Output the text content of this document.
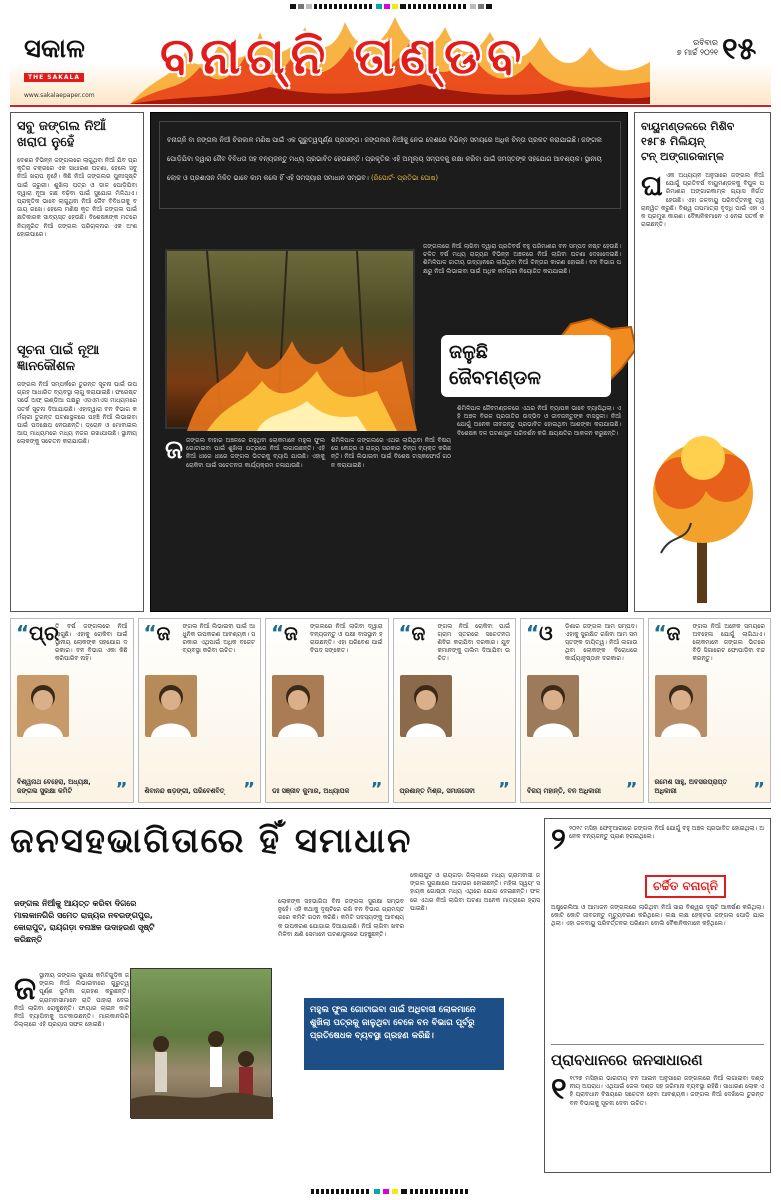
ସକାଳ
THE SAKALA	ବନାଗ୍ନି ତାଣ୍ଡବ	ରବିବାର
୭ ମାର୍ଚ୍ଚ ୨୦୨୧ ୧୫
www.sakalaepaper.com
ସବୁ ଜଙ୍ଗଲ ନିଆଁ
ଖରାପ ନୁହେଁ
ଦେଶର ବିଭିନ୍ନ ଜଙ୍ଗଲରେ ଲାଗୁଥିବା ନିଆଁ ଯିବ ପ୍ରକୃତିର ଚକ୍ରରେ ଏକ ସାଧାରଣ ଘଟଣା, ହେଲେ ସବୁ ନିଆଁ ଖରାପ ନୁହେଁ। କିଛି ନିଆଁ ଜଙ୍ଗଲର ପୁନଃସୃଷ୍ଟି ପାଇଁ ଜରୁରୀ। ଶୁଖିଲା ପତ୍ର ଓ ଡାଳ ପୋଡ଼ିଯିବା ଦ୍ୱାରା ନୂଆ ଗଛ ବଢ଼ିବା ପାଇଁ ସୁଯୋଗ ମିଳିଥାଏ। ପ୍ରାକୃତିକ ଭାବେ ଲାଗୁଥିବା ନିଆଁ ଜୈବ ବିବିଧତାକୁ ବଜାୟ ରଖେ। ହେଲେ ମଣିଷ କୃତ ନିଆଁ ଜଙ୍ଗଲ ପାଇଁ କ୍ଷତିକାରକ ସାବ୍ୟସ୍ତ ହେଉଛି। ବିଶେଷଜ୍ଞଙ୍କ ମତରେ ନିୟନ୍ତ୍ରିତ ନିଆଁ ଜଙ୍ଗଲ ପରିଚାଳନାର ଏକ ଅଂଶ ହୋଇପାରେ।
ସୂଚନା ପାଇଁ ନୂଆ
ଜ୍ଞାନକୌଶଳ
ଜଙ୍ଗଲ ନିଆଁ ସମ୍ପର୍କରେ ତୁରନ୍ତ ସୂଚନା ପାଇଁ ଉପଗ୍ରହ ଆଧାରିତ ବ୍ୟବସ୍ଥା ଲାଗୁ କରାଯାଇଛି। ଫରେଷ୍ଟ ସର୍ଭେ ଅଫ୍ ଇଣ୍ଡିଆ ପକ୍ଷରୁ ଏସଏମଏସ ମାଧ୍ୟମରେ ସତର୍କ ସୂଚନା ଦିଆଯାଉଛି। ଏହାଦ୍ୱାରା ବନ ବିଭାଗ କର୍ମଚାରୀ ତୁରନ୍ତ ଘଟଣାସ୍ଥଳରେ ପହଞ୍ଚି ନିଆଁ ଲିଭାଇବା ପାଇଁ ପଦକ୍ଷେପ ନେଉଛନ୍ତି। ଡ୍ରୋନ ଓ ମୋବାଇଲ ଆପ୍ ମାଧ୍ୟମରେ ମଧ୍ୟ ନଜର ରଖାଯାଉଛି। ସ୍ଥାନୀୟ ଲୋକଙ୍କୁ ସଚେତନ କରାଯାଉଛି।
ବନାଗ୍ନି ବା ଜଙ୍ଗଲ ନିଆଁ ଚିରକାଳ ମଣିଷ ପାଇଁ ଏକ ଗୁରୁତ୍ୱପୂର୍ଣ୍ଣ ପ୍ରସଙ୍ଗ। ଜଙ୍ଗଲର ନିଆଁକୁ ନେଇ ଦେଶରେ ବିଭିନ୍ନ ସମୟରେ ଅଧିକ ଚିନ୍ତା ପ୍ରକଟ କରାଯାଇଛି। ଜଙ୍ଗଲ ପୋଡ଼ିଯିବା ଦ୍ୱାରା ଜୈବ ବିବିଧତା ସହ ବନ୍ୟଜନ୍ତୁ ମଧ୍ୟ ପ୍ରଭାବିତ ହେଉଛନ୍ତି। ପ୍ରକୃତିର ଏହି ଅମୂଲ୍ୟ ସମ୍ପଦକୁ ରକ୍ଷା କରିବା ପାଇଁ ସମସ୍ତଙ୍କ ସହଯୋଗ ଆବଶ୍ୟକ। ସ୍ଥାନୀୟ ଲୋକ ଓ ପ୍ରଶାସନ ମିଳିତ ଭାବେ କାମ କଲେ ହିଁ ଏହି ସମସ୍ୟାର ସମାଧାନ ସମ୍ଭବ। (ରିପୋର୍ଟ- ପ୍ରତିଭା ଘୋଷ)
ଜଙ୍ଗଲରେ ନିଆଁ ଲାଗିବା ଦ୍ୱାରା ପ୍ରତିବର୍ଷ ବହୁ ପରିମାଣର ବନ ସମ୍ପଦ ନଷ୍ଟ ହେଉଛି। ଚଳିତ ବର୍ଷ ମଧ୍ୟ ରାଜ୍ୟର ବିଭିନ୍ନ ଅଞ୍ଚଳରେ ନିଆଁ ଲାଗିବା ଘଟଣା ଦେଖାଦେଇଛି। ଶିମିଳିପାଳ ଜାତୀୟ ଉଦ୍ୟାନରେ ଲାଗିଥିବା ନିଆଁ ଚିନ୍ତାର କାରଣ ହୋଇଛି। ବନ ବିଭାଗ ପକ୍ଷରୁ ନିଆଁ ଲିଭାଇବା ପାଇଁ ଅଧିକ କର୍ମଚାରୀ ନିୟୋଜିତ କରାଯାଇଛି।
ଜଳୁଛି
ଜୈବମଣ୍ଡଳ
ଜ ଜଙ୍ଗଲ ବାହାର ଅଞ୍ଚଳରେ ରହୁଥିବା ଲୋକମାନେ ମହୁଲ ଫୁଲ ଗୋଟାଇବା ପାଇଁ ଶୁଖିଲା ପତ୍ରରେ ନିଆଁ ଲଗାଉଛନ୍ତି। ଏହି ନିଆଁ ଧୀରେ ଧୀରେ ଜଙ୍ଗଲ ଭିତରକୁ ବ୍ୟାପି ଯାଉଛି। ଏହାକୁ ରୋକିବା ପାଇଁ ସଚେତନତା କାର୍ଯ୍ୟକ୍ରମ ଚଳାଯାଉଛି।
ଶିମିଳିପାଳ ଜଙ୍ଗଲରେ ଏଥର ଲାଗିଥିବା ନିଆଁ ବିଷୟରେ କେନ୍ଦ୍ର ଓ ରାଜ୍ୟ ସରକାର ଚିନ୍ତା ବ୍ୟକ୍ତ କରିଛନ୍ତି। ନିଆଁ ଲିଭାଇବା ପାଇଁ ବିଶେଷ ଟାସ୍କଫୋର୍ସ ଗଠନ କରାଯାଇଛି।
ଶିମିଳିପାଳ ଜୈବମଣ୍ଡଳରେ ଏଥର ନିଆଁ ବ୍ୟାପକ ଭାବେ ବ୍ୟାପିଥିଲା। ଏହି ଅଞ୍ଚଳ ବିରଳ ପ୍ରଜାତିର ଉଦ୍ଭିଦ ଓ ଜୀବଜନ୍ତୁଙ୍କ ବାସସ୍ଥଳୀ। ନିଆଁ ଯୋଗୁଁ ଅନେକ ଜୀବଜନ୍ତୁ ପ୍ରଭାବିତ ହୋଇଥିବା ଆଶଙ୍କା କରାଯାଉଛି। ବିଶେଷଜ୍ଞ ଦଳ ଘଟଣାସ୍ଥଳ ପରିଦର୍ଶନ କରି କ୍ଷୟକ୍ଷତିର ଆକଳନ କରୁଛନ୍ତି।
ବାୟୁମଣ୍ଡଳରେ ମିଶିବ
୧୫୮୫ ମିଲିୟନ୍
ଟନ୍ ଅଙ୍ଗାରକାମ୍ଳ
ଘ ଏକ ଅଧ୍ୟୟନ ଅନୁସାରେ ଜଙ୍ଗଲ ନିଆଁ ଯୋଗୁଁ ପ୍ରତିବର୍ଷ ବାୟୁମଣ୍ଡଳକୁ ବିପୁଳ ପରିମାଣର ଅଙ୍ଗାରକାମ୍ଳ ଗ୍ୟାସ ନିର୍ଗତ ହେଉଛି। ଏହା ଜଳବାୟୁ ପରିବର୍ତ୍ତନକୁ ତ୍ୱରାନ୍ୱିତ କରୁଛି। ବିଶ୍ୱ ତାପମାତ୍ରା ବୃଦ୍ଧି ପାଇଁ ଏହା ଏକ ପ୍ରମୁଖ କାରଣ। ବୈଜ୍ଞାନିକମାନେ ଏ ନେଇ ସତର୍କ କରାଇଛନ୍ତି।
“ ପ୍ର
ତି ବର୍ଷ ଜଙ୍ଗଲରେ ନିଆଁ ଲାଗୁଛି। ଏହାକୁ ରୋକିବା ପାଇଁ ସ୍ଥାନୀୟ ଲୋକଙ୍କ ସହଯୋଗ ଦରକାର। ବନ ବିଭାଗ ଏକା କିଛି କରିପାରିବ ନାହିଁ।
ବିଶ୍ୱନାଥ ବେହେରା, ଅଧ୍ୟକ୍ଷ, ଜଙ୍ଗଲ ସୁରକ୍ଷା କମିଟି	”
“ ଜ ଙ୍ଗଲ ନିଆଁ ଲିଭାଇବା ପାଇଁ ଆଧୁନିକ ଉପକରଣ ଆବଶ୍ୟକ। ସରକାର ଏଥିପାଇଁ ଅଧିକ ବଜେଟ ବ୍ୟବସ୍ଥା କରିବା ଉଚିତ।
ଶିବାନନ୍ଦ ଷଡ଼ଙ୍ଗୀ, ପରିବେଶବିତ୍	”
“ ଜ ଙ୍ଗଲରେ ନିଆଁ ଲାଗିବା ଦ୍ୱାରା ବନ୍ୟଜନ୍ତୁ ଓ ପକ୍ଷୀ ବାସସ୍ଥାନ ହରାଉଛନ୍ତି। ଏହା ପରିବେଶ ପାଇଁ ବିପଦ ସଙ୍କେତ।
ଡଃ ସଞ୍ଜୀବ କୁମାର, ଅଧ୍ୟାପକ	”
“ ଜ ଙ୍ଗଲ ନିଆଁ ରୋକିବା ପାଇଁ ଗ୍ରାମ ସ୍ତରରେ ସଚେତନତା ଶିବିର କରାଯିବା ଦରକାର। ଯୁବକମାନଙ୍କୁ ତାଲିମ ଦିଆଯିବା ଉଚିତ।
ପ୍ରଶାନ୍ତ ମିଶ୍ର, ସମାଜସେବୀ	”
“ ଓ ଡ଼ିଶାର ଜଙ୍ଗଲ ଆମ ସମ୍ପଦ। ଏହାକୁ ସୁରକ୍ଷିତ ରଖିବା ଆମ ସମସ୍ତଙ୍କ ଦାୟିତ୍ୱ। ନିଆଁ ଲଗାଉଥିବା ଲୋକଙ୍କ ବିରୋଧରେ କାର୍ଯ୍ୟାନୁଷ୍ଠାନ ଦରକାର।
ବିଜୟ ମହାନ୍ତି, ବନ ଅଧିକାରୀ	”
“ ଜ ଙ୍ଗଲ ନିଆଁ ଅନେକ ସମୟରେ ଅବହେଳା ଯୋଗୁଁ ଲାଗିଥାଏ। ଲୋକମାନେ ଜଙ୍ଗଲ ଭିତରେ ବିଡ଼ି ସିଗାରେଟ ଫୋପାଡ଼ିବା ବନ୍ଦ କରନ୍ତୁ।
ରମେଶ ସାହୁ, ଅବସରପ୍ରାପ୍ତ ଅଧିକାରୀ	”
ଜନସହଭାଗିତାରେ ହିଁ ସମାଧାନ
ଜଙ୍ଗଲ ନିଆଁକୁ ଆୟତ୍ତ କରିବା ଦିଗରେ ମାଲକାନଗିରି ସମେତ ରାଜ୍ୟର ନବରଙ୍ଗପୁର, କୋରାପୁଟ, ରାୟଗଡ଼ା ବନାଞ୍ଚଳ ଉଦାହରଣ ସୃଷ୍ଟି କରିଛନ୍ତି
ଜ ସ୍ଥାନୀୟ ଜଙ୍ଗଲ ସୁରକ୍ଷା କମିଟିଗୁଡ଼ିକ ଜଙ୍ଗଲ ନିଆଁ ଲିଭାଇବାରେ ଗୁରୁତ୍ୱପୂର୍ଣ୍ଣ ଭୂମିକା ଗ୍ରହଣ କରୁଛନ୍ତି। ଗ୍ରାମବାସୀମାନେ ରାତି ପାହାରା ଦେଇ ନିଆଁ ଲାଗିବା ରୋକୁଛନ୍ତି। ଫାୟାର ଲାଇନ କାଟି ନିଆଁ ବ୍ୟାପିବାକୁ ଅଟକାଉଛନ୍ତି। ମାଲକାନଗିରି ଜିଲ୍ଲାରେ ଏହି ପ୍ରୟାସ ସଫଳ ହୋଇଛି।
ଲୋକଙ୍କ ସହଭାଗିତା ବିନା ଜଙ୍ଗଲ ସୁରକ୍ଷା ସମ୍ଭବ ନୁହେଁ। ଏହି କଥାକୁ ଦୃଷ୍ଟିରେ ରଖି ବନ ବିଭାଗ ଗ୍ରାମସ୍ତରରେ କମିଟି ଗଠନ କରିଛି। କମିଟି ସଦସ୍ୟଙ୍କୁ ଆବଶ୍ୟକ ଉପକରଣ ଯୋଗାଇ ଦିଆଯାଇଛି। ନିଆଁ ଲାଗିବା ଖବର ମିଳିବା କ୍ଷଣି ସେମାନେ ଘଟଣାସ୍ଥଳରେ ପହଞ୍ଚୁଛନ୍ତି।
କୋରାପୁଟ ଓ ରାୟଗଡ଼ା ଜିଲ୍ଲାରେ ମଧ୍ୟ ଗ୍ରାମବାସୀ ଜଙ୍ଗଲ ସୁରକ୍ଷାରେ ଆଗଭର ହୋଇଛନ୍ତି। ମହିଳା ସ୍ୱୟଂ ସହାୟକ ଗୋଷ୍ଠୀ ମଧ୍ୟ ଏଥିରେ ଯୋଗ ଦେଇଛନ୍ତି। ଫଳରେ ଏଥର ନିଆଁ ଲାଗିବା ଘଟଣା ଅନେକ ମାତ୍ରାରେ ହ୍ରାସ ପାଇଛି।
ମହୁଲ ଫୁଲ ଗୋଟାଇବା ପାଇଁ ଅଧିବାସୀ ଲୋକମାନେ ଶୁଖିଲା ପତ୍ରକୁ ଜାଳୁଥିବା ବେଳେ ବନ ବିଭାଗ ପୂର୍ବରୁ ପ୍ରତିଷେଧକ ବ୍ୟବସ୍ଥା ଗ୍ରହଣ କରିଛି।
୨ ୨୦୧୯ ମସିହା ଫେବୃଆରୀରେ ଜଙ୍ଗଲ ନିଆଁ ଯୋଗୁଁ ବହୁ ଅଞ୍ଚଳ ପ୍ରଭାବିତ ହୋଇଥିଲା। ଅନେକ ବନ୍ୟଜନ୍ତୁ ପ୍ରାଣ ହରାଇଥିଲେ।
ଚର୍ଚ୍ଚିତ ବନାଗ୍ନି
ଅଷ୍ଟ୍ରେଲିଆ ଓ ଆମାଜନ ଜଙ୍ଗଲରେ ଲାଗିଥିବା ନିଆଁ ସାରା ବିଶ୍ୱର ଦୃଷ୍ଟି ଆକର୍ଷଣ କରିଥିଲା। କୋଟି କୋଟି ଜୀବଜନ୍ତୁ ମୃତ୍ୟୁବରଣ କରିଥିଲେ। ଲକ୍ଷ ଲକ୍ଷ ହେକ୍ଟର ଜଙ୍ଗଲ ପୋଡ଼ି ଯାଇଥିଲା। ଏହା ଜଳବାୟୁ ପରିବର୍ତ୍ତନର ପରିଣାମ ବୋଲି ବୈଜ୍ଞାନିକମାନେ କହିଥିଲେ।
ପ୍ରାବଧାନରେ ଜନସାଧାରଣ
୧ ୧୯୨୭ ମସିହାର ଭାରତୀୟ ବନ ଆଇନ ଅନୁସାରେ ଜଙ୍ଗଲରେ ନିଆଁ ଲଗାଇବା ଦଣ୍ଡନୀୟ ଅପରାଧ। ଏଥିପାଇଁ ଜେଲ ଦଣ୍ଡ ସହ ଜରିମାନା ବ୍ୟବସ୍ଥା ରହିଛି। ସାଧାରଣ ଲୋକ ଏହି ପ୍ରାବଧାନ ବିଷୟରେ ସଚେତନ ହେବା ଆବଶ୍ୟକ। ଜଙ୍ଗଲ ନିଆଁ ଦେଖିଲେ ତୁରନ୍ତ ବନ ବିଭାଗକୁ ସୂଚନା ଦେବା ଉଚିତ।
